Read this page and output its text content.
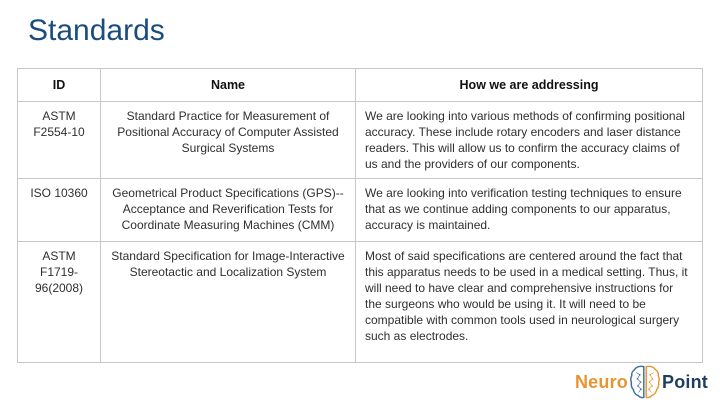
Standards
ID	Name	How we are addressing
ASTM F2554-10	Standard Practice for Measurement of Positional Accuracy of Computer Assisted Surgical Systems	We are looking into various methods of confirming positional accuracy. These include rotary encoders and laser distance readers. This will allow us to confirm the accuracy claims of us and the providers of our components.
ISO 10360	Geometrical Product Specifications (GPS)-- Acceptance and Reverification Tests for Coordinate Measuring Machines (CMM)	We are looking into verification testing techniques to ensure that as we continue adding components to our apparatus, accuracy is maintained.
ASTM F1719-96(2008)	Standard Specification for Image-Interactive Stereotactic and Localization System	Most of said specifications are centered around the fact that this apparatus needs to be used in a medical setting. Thus, it will need to have clear and comprehensive instructions for the surgeons who would be using it. It will need to be compatible with common tools used in neurological surgery such as electrodes.
Neuro Point
